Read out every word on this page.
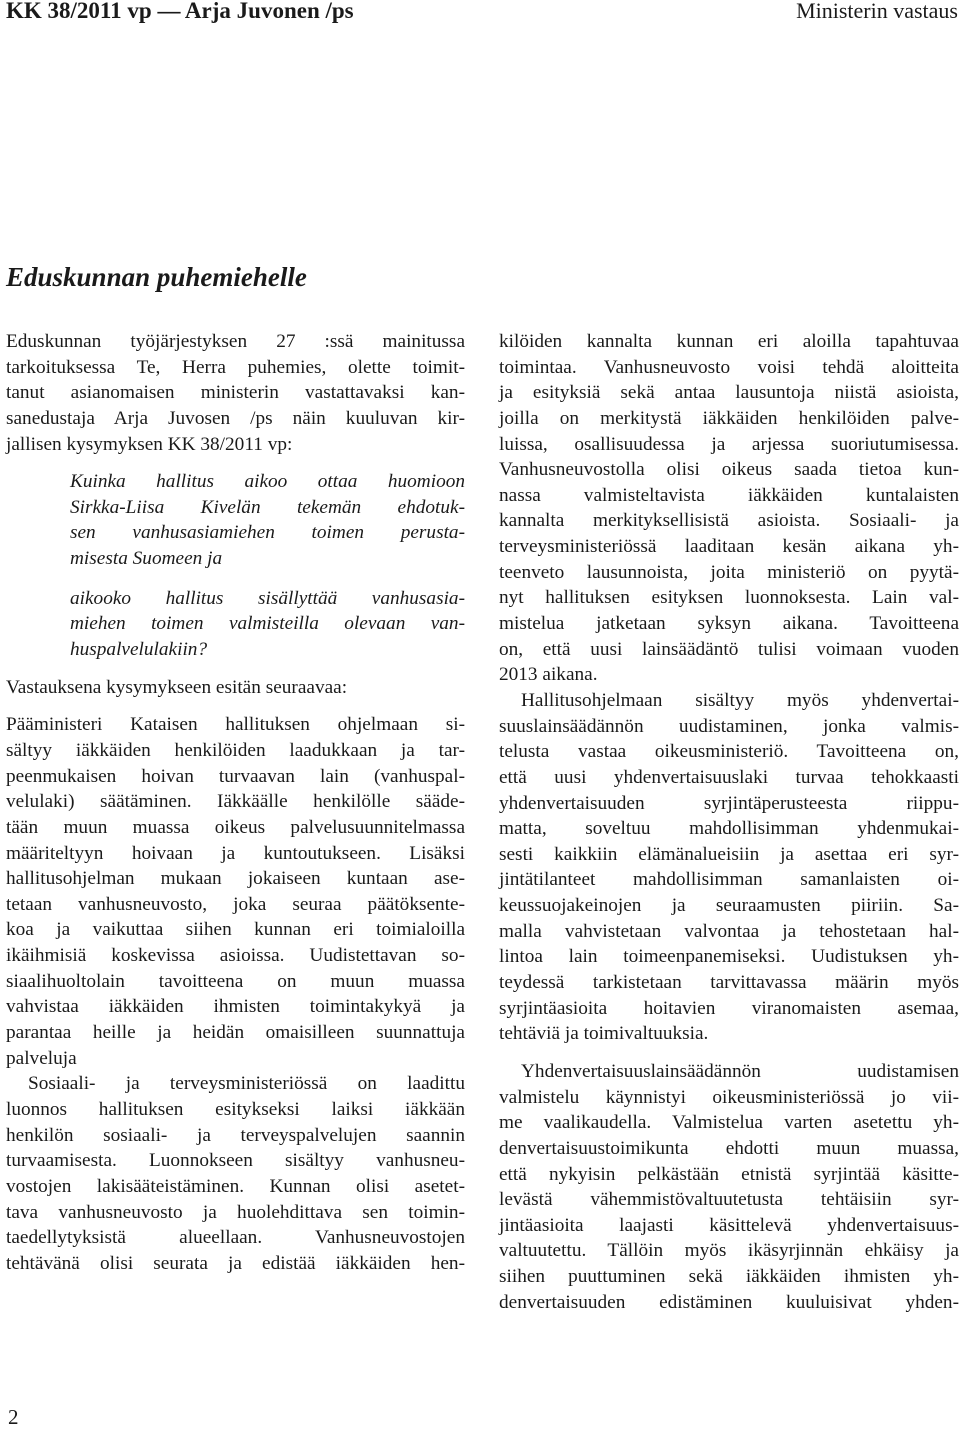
KK 38/2011 vp — Arja Juvonen /ps	Ministerin vastaus
Eduskunnan puhemiehelle
Eduskunnan työjärjestyksen 27 :ssä mainitussa
tarkoituksessa Te, Herra puhemies, olette toimit-
tanut asianomaisen ministerin vastattavaksi kan-
sanedustaja Arja Juvosen /ps näin kuuluvan kir-
jallisen kysymyksen KK 38/2011 vp:
Kuinka hallitus aikoo ottaa huomioon
Sirkka-Liisa Kivelän tekemän ehdotuk-
sen vanhusasiamiehen toimen perusta-
misesta Suomeen ja
aikooko hallitus sisällyttää vanhusasia-
miehen toimen valmisteilla olevaan van-
huspalvelulakiin?
Vastauksena kysymykseen esitän seuraavaa:
Pääministeri Kataisen hallituksen ohjelmaan si-
sältyy iäkkäiden henkilöiden laadukkaan ja tar-
peenmukaisen hoivan turvaavan lain (vanhuspal-
velulaki) säätäminen. Iäkkäälle henkilölle sääde-
tään muun muassa oikeus palvelusuunnitelmassa
määriteltyyn hoivaan ja kuntoutukseen. Lisäksi
hallitusohjelman mukaan jokaiseen kuntaan ase-
tetaan vanhusneuvosto, joka seuraa päätöksente-
koa ja vaikuttaa siihen kunnan eri toimialoilla
ikäihmisiä koskevissa asioissa. Uudistettavan so-
siaalihuoltolain tavoitteena on muun muassa
vahvistaa iäkkäiden ihmisten toimintakykyä ja
parantaa heille ja heidän omaisilleen suunnattuja
palveluja
Sosiaali- ja terveysministeriössä on laadittu
luonnos hallituksen esitykseksi laiksi iäkkään
henkilön sosiaali- ja terveyspalvelujen saannin
turvaamisesta. Luonnokseen sisältyy vanhusneu-
vostojen lakisääteistäminen. Kunnan olisi asetet-
tava vanhusneuvosto ja huolehdittava sen toimin-
taedellytyksistä alueellaan. Vanhusneuvostojen
tehtävänä olisi seurata ja edistää iäkkäiden hen-
kilöiden kannalta kunnan eri aloilla tapahtuvaa
toimintaa. Vanhusneuvosto voisi tehdä aloitteita
ja esityksiä sekä antaa lausuntoja niistä asioista,
joilla on merkitystä iäkkäiden henkilöiden palve-
luissa, osallisuudessa ja arjessa suoriutumisessa.
Vanhusneuvostolla olisi oikeus saada tietoa kun-
nassa valmisteltavista iäkkäiden kuntalaisten
kannalta merkityksellisistä asioista. Sosiaali- ja
terveysministeriössä laaditaan kesän aikana yh-
teenveto lausunnoista, joita ministeriö on pyytä-
nyt hallituksen esityksen luonnoksesta. Lain val-
mistelua jatketaan syksyn aikana. Tavoitteena
on, että uusi lainsäädäntö tulisi voimaan vuoden
2013 aikana.
Hallitusohjelmaan sisältyy myös yhdenvertai-
suuslainsäädännön uudistaminen, jonka valmis-
telusta vastaa oikeusministeriö. Tavoitteena on,
että uusi yhdenvertaisuuslaki turvaa tehokkaasti
yhdenvertaisuuden syrjintäperusteesta riippu-
matta, soveltuu mahdollisimman yhdenmukai-
sesti kaikkiin elämänalueisiin ja asettaa eri syr-
jintätilanteet mahdollisimman samanlaisten oi-
keussuojakeinojen ja seuraamusten piiriin. Sa-
malla vahvistetaan valvontaa ja tehostetaan hal-
lintoa lain toimeenpanemiseksi. Uudistuksen yh-
teydessä tarkistetaan tarvittavassa määrin myös
syrjintäasioita hoitavien viranomaisten asemaa,
tehtäviä ja toimivaltuuksia.
Yhdenvertaisuuslainsäädännön uudistamisen
valmistelu käynnistyi oikeusministeriössä jo vii-
me vaalikaudella. Valmistelua varten asetettu yh-
denvertaisuustoimikunta ehdotti muun muassa,
että nykyisin pelkästään etnistä syrjintää käsitte-
levästä vähemmistövaltuutetusta tehtäisiin syr-
jintäasioita laajasti käsittelevä yhdenvertaisuus-
valtuutettu. Tällöin myös ikäsyrjinnän ehkäisy ja
siihen puuttuminen sekä iäkkäiden ihmisten yh-
denvertaisuuden edistäminen kuuluisivat yhden-
2
